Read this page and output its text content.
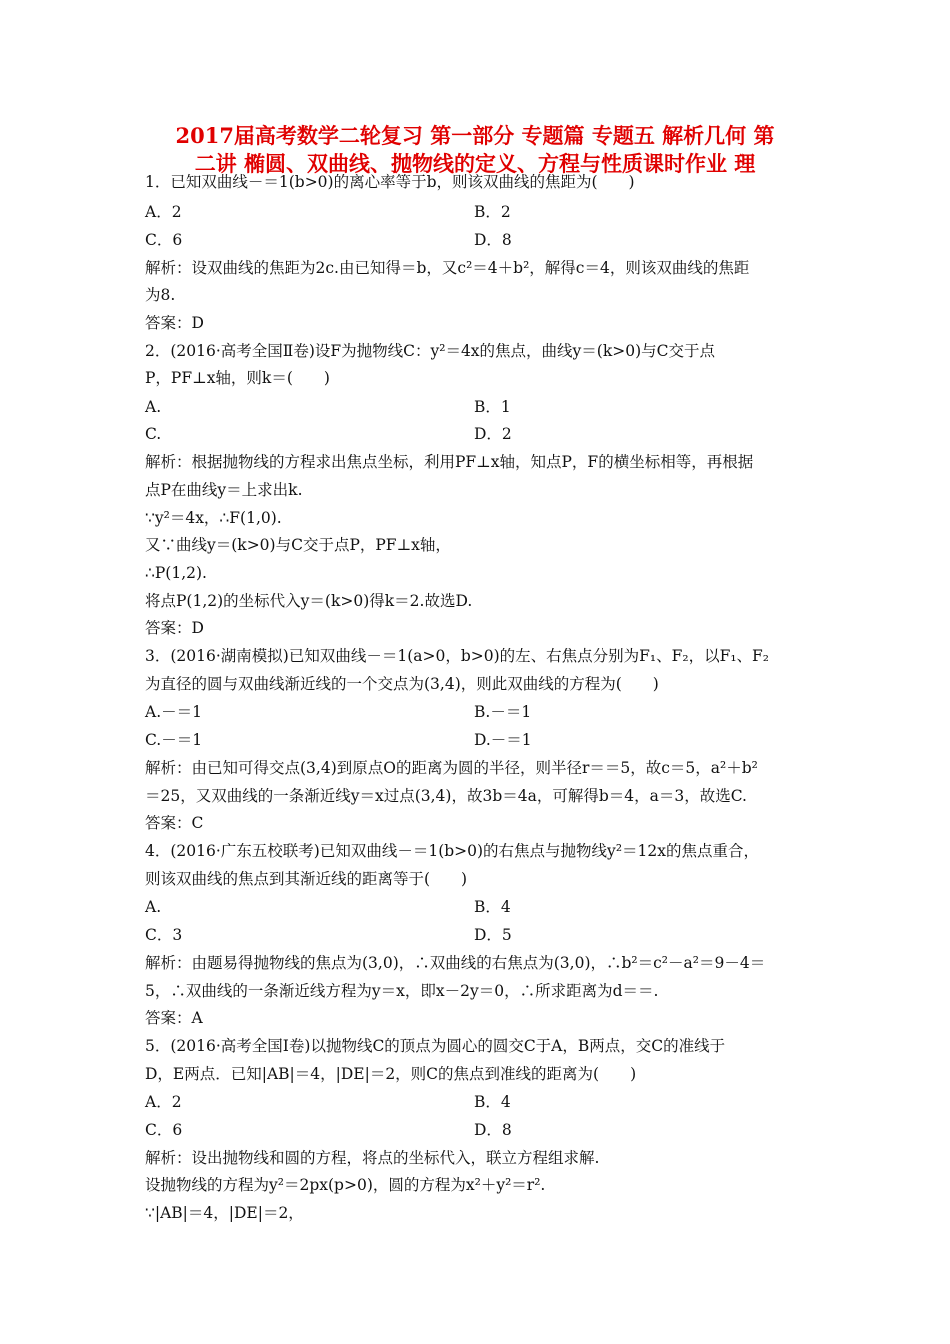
2017届高考数学二轮复习 第一部分 专题篇 专题五 解析几何 第
二讲 椭圆、双曲线、抛物线的定义、方程与性质课时作业 理
1．已知双曲线－＝1(b>0)的离心率等于b，则该双曲线的焦距为(　　)
A．2	B．2
C．6	D．8
解析：设双曲线的焦距为2c.由已知得＝b，又c²＝4＋b²，解得c＝4，则该双曲线的焦距
为8.
答案：D
2．(2016·高考全国Ⅱ卷)设F为抛物线C：y²＝4x的焦点，曲线y＝(k>0)与C交于点
P，PF⊥x轴，则k＝(　　)
A.	B．1
C.	D．2
解析：根据抛物线的方程求出焦点坐标，利用PF⊥x轴，知点P，F的横坐标相等，再根据
点P在曲线y＝上求出k.
∵y²＝4x，∴F(1,0).
又∵曲线y＝(k>0)与C交于点P，PF⊥x轴，
∴P(1,2).
将点P(1,2)的坐标代入y＝(k>0)得k＝2.故选D.
答案：D
3．(2016·湖南模拟)已知双曲线－＝1(a>0，b>0)的左、右焦点分别为F₁、F₂，以F₁、F₂
为直径的圆与双曲线渐近线的一个交点为(3,4)，则此双曲线的方程为(　　)
A.－＝1	B.－＝1
C.－＝1	D.－＝1
解析：由已知可得交点(3,4)到原点O的距离为圆的半径，则半径r＝＝5，故c＝5，a²＋b²
＝25，又双曲线的一条渐近线y＝x过点(3,4)，故3b＝4a，可解得b＝4，a＝3，故选C.
答案：C
4．(2016·广东五校联考)已知双曲线－＝1(b>0)的右焦点与抛物线y²＝12x的焦点重合，
则该双曲线的焦点到其渐近线的距离等于(　　)
A.	B．4
C．3	D．5
解析：由题易得抛物线的焦点为(3,0)，∴双曲线的右焦点为(3,0)，∴b²＝c²－a²＝9－4＝
5，∴双曲线的一条渐近线方程为y＝x，即x－2y＝0，∴所求距离为d＝＝.
答案：A
5．(2016·高考全国Ⅰ卷)以抛物线C的顶点为圆心的圆交C于A，B两点，交C的准线于
D，E两点．已知|AB|＝4，|DE|＝2，则C的焦点到准线的距离为(　　)
A．2	B．4
C．6	D．8
解析：设出抛物线和圆的方程，将点的坐标代入，联立方程组求解.
设抛物线的方程为y²＝2px(p>0)，圆的方程为x²＋y²＝r².
∵|AB|＝4，|DE|＝2，
